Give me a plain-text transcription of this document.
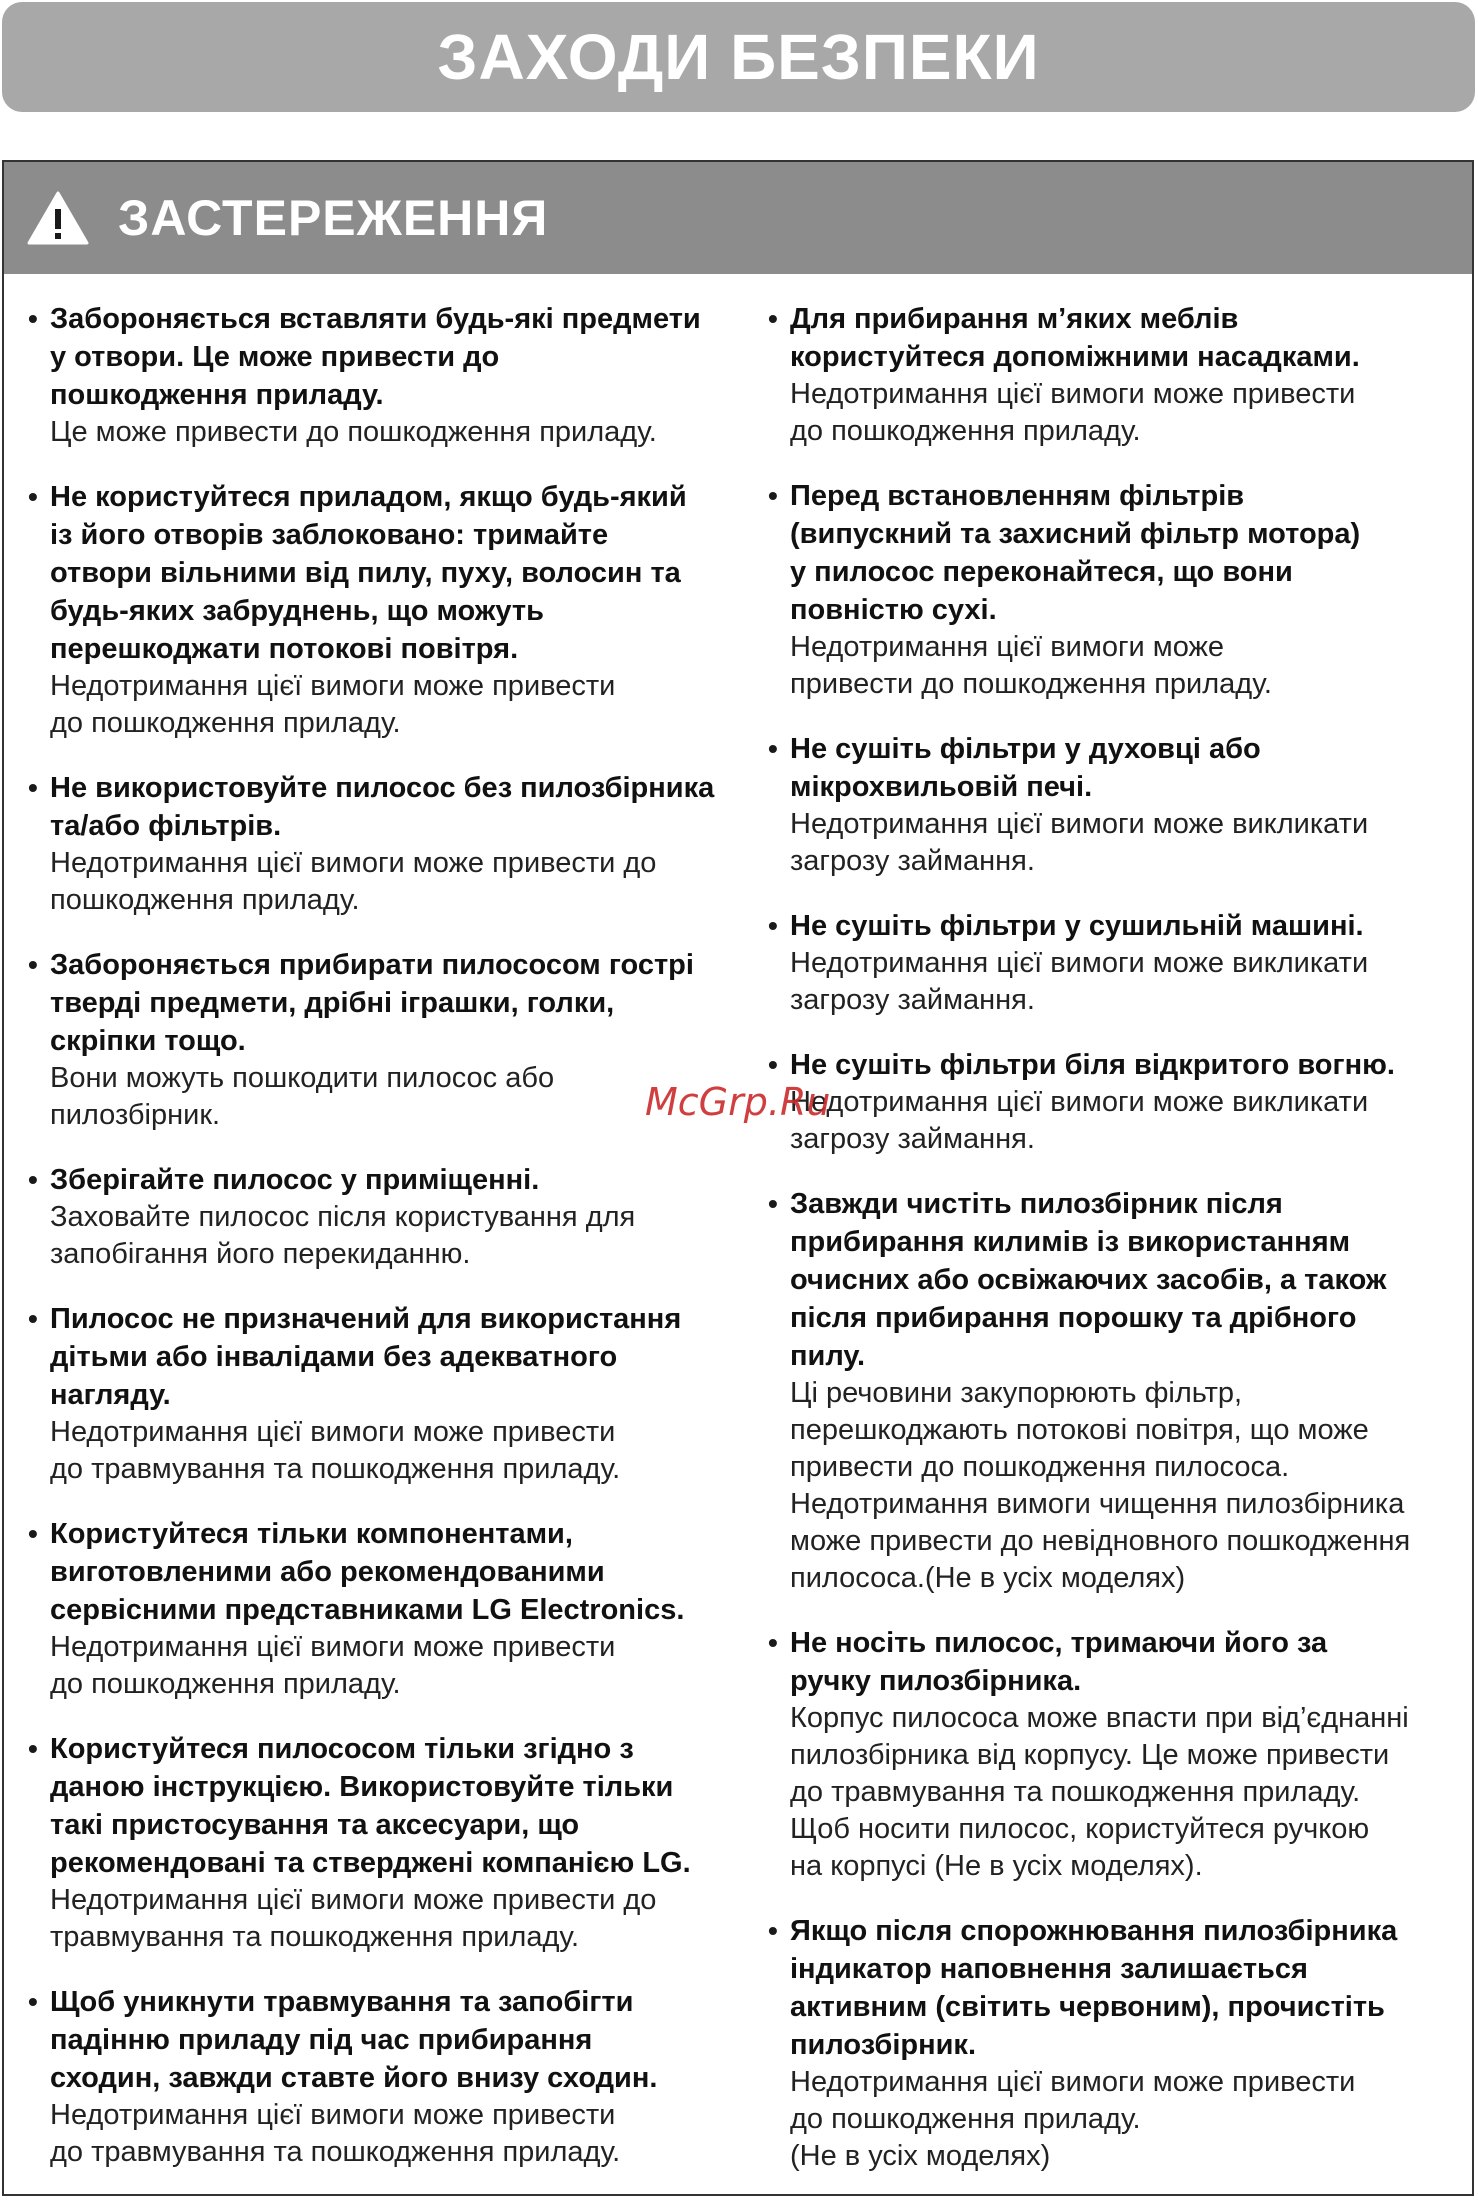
ЗАХОДИ БЕЗПЕКИ
ЗАСТЕРЕЖЕННЯ
• Забороняється вставляти будь-які предмети
у отвори. Це може привести до
пошкодження приладу.
Це може привести до пошкодження приладу.
• Не користуйтеся приладом, якщо будь-який
із його отворів заблоковано: тримайте
отвори вільними від пилу, пуху, волосин та
будь-яких забруднень, що можуть
перешкоджати потокові повітря.
Недотримання цієї вимоги може привести
до пошкодження приладу.
• Не використовуйте пилосос без пилозбірника
та/або фільтрів.
Недотримання цієї вимоги може привести до
пошкодження приладу.
• Забороняється прибирати пилососом гострі
тверді предмети, дрібні іграшки, голки,
скріпки тощо.
Вони можуть пошкодити пилосос або
пилозбірник.
• Зберігайте пилосос у приміщенні.
Заховайте пилосос після користування для
запобігання його перекиданню.
• Пилосос не призначений для використання
дітьми або інвалідами без адекватного
нагляду.
Недотримання цієї вимоги може привести
до травмування та пошкодження приладу.
• Користуйтеся тільки компонентами,
виготовленими або рекомендованими
сервісними представниками LG Electronics.
Недотримання цієї вимоги може привести
до пошкодження приладу.
• Користуйтеся пилососом тільки згідно з
даною інструкцією. Використовуйте тільки
такі пристосування та аксесуари, що
рекомендовані та стверджені компанією LG.
Недотримання цієї вимоги може привести до
травмування та пошкодження приладу.
• Щоб уникнути травмування та запобігти
падінню приладу під час прибирання
сходин, завжди ставте його внизу сходин.
Недотримання цієї вимоги може привести
до травмування та пошкодження приладу.
• Для прибирання м’яких меблів
користуйтеся допоміжними насадками.
Недотримання цієї вимоги може привести
до пошкодження приладу.
• Перед встановленням фільтрів
(випускний та захисний фільтр мотора)
у пилосос переконайтеся, що вони
повністю сухі.
Недотримання цієї вимоги може
привести до пошкодження приладу.
• Не сушіть фільтри у духовці або
мікрохвильовій печі.
Недотримання цієї вимоги може викликати
загрозу займання.
• Не сушіть фільтри у сушильній машині.
Недотримання цієї вимоги може викликати
загрозу займання.
• Не сушіть фільтри біля відкритого вогню.
Недотримання цієї вимоги може викликати
загрозу займання.
• Завжди чистіть пилозбірник після
прибирання килимів із використанням
очисних або освіжаючих засобів, а також
після прибирання порошку та дрібного
пилу.
Ці речовини закупорюють фільтр,
перешкоджають потокові повітря, що може
привести до пошкодження пилососа.
Недотримання вимоги чищення пилозбірника
може привести до невідновного пошкодження
пилососа.(Не в усіх моделях)
• Не носіть пилосос, тримаючи його за
ручку пилозбірника.
Корпус пилососа може впасти при від’єднанні
пилозбірника від корпусу. Це може привести
до травмування та пошкодження приладу.
Щоб носити пилосос, користуйтеся ручкою
на корпусі (Не в усіх моделях).
• Якщо після спорожнювання пилозбірника
індикатор наповнення залишається
активним (світить червоним), прочистіть
пилозбірник.
Недотримання цієї вимоги може привести
до пошкодження приладу.
(Не в усіх моделях)
McGrp.Ru
